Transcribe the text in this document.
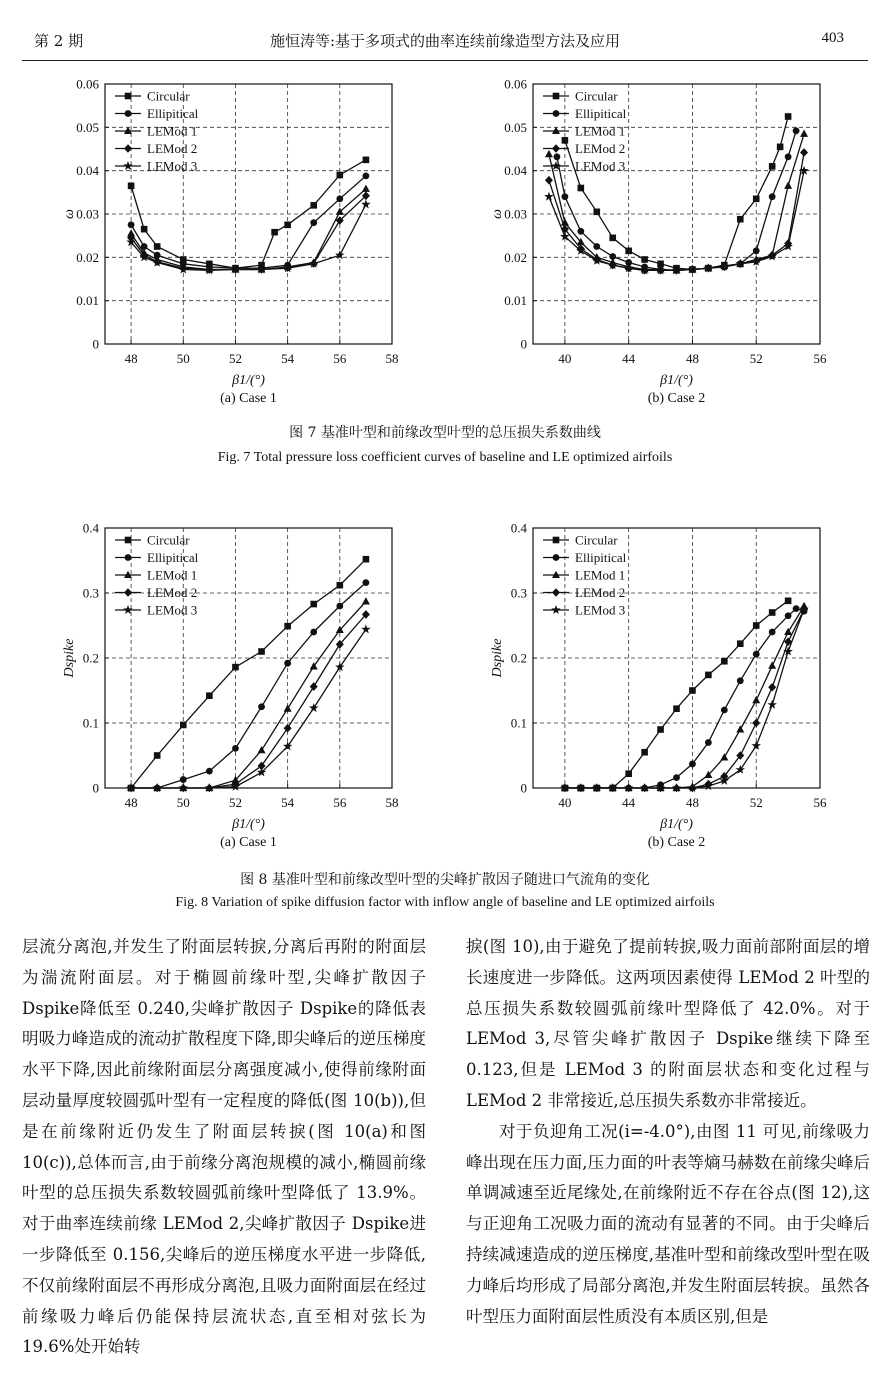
第 2 期	施恒涛等:基于多项式的曲率连续前缘造型方法及应用	403
48	50	52	54	56	58
0
0.01
0.02
0.03
0.04
0.05
0.06
β1/(°)
ω
(a) Case 1
Circular
Ellipitical
LEMod 1
LEMod 2
LEMod 3
40	44	48	52	56
0
0.01
0.02
0.03
0.04
0.05
0.06
β1/(°)
ω
(b) Case 2
Circular
Ellipitical
LEMod 1
LEMod 2
LEMod 3
图 7 基准叶型和前缘改型叶型的总压损失系数曲线
Fig. 7 Total pressure loss coefficient curves of baseline and LE optimized airfoils
48	50	52	54	56	58
0
0.1
0.2
0.3
0.4
β1/(°)
Dspike
(a) Case 1
Circular
Ellipitical
LEMod 1
LEMod 2
LEMod 3
40	44	48	52	56
0
0.1
0.2
0.3
0.4
β1/(°)
Dspike
(b) Case 2
Circular
Ellipitical
LEMod 1
LEMod 2
LEMod 3
图 8 基准叶型和前缘改型叶型的尖峰扩散因子随进口气流角的变化
Fig. 8 Variation of spike diffusion factor with inflow angle of baseline and LE optimized airfoils

层流分离泡,并发生了附面层转捩,分离后再附的附面层为湍流附面层。对于椭圆前缘叶型,尖峰扩散因子 Dspike降低至 0.240,尖峰扩散因子 Dspike的降低表明吸力峰造成的流动扩散程度下降,即尖峰后的逆压梯度水平下降,因此前缘附面层分离强度减小,使得前缘附面层动量厚度较圆弧叶型有一定程度的降低(图 10(b)),但是在前缘附近仍发生了附面层转捩(图 10(a)和图 10(c)),总体而言,由于前缘分离泡规模的减小,椭圆前缘叶型的总压损失系数较圆弧前缘叶型降低了 13.9%。对于曲率连续前缘 LEMod 2,尖峰扩散因子 Dspike进一步降低至 0.156,尖峰后的逆压梯度水平进一步降低,不仅前缘附面层不再形成分离泡,且吸力面附面层在经过前缘吸力峰后仍能保持层流状态,直至相对弦长为 19.6%处开始转

捩(图 10),由于避免了提前转捩,吸力面前部附面层的增长速度进一步降低。这两项因素使得 LEMod 2 叶型的总压损失系数较圆弧前缘叶型降低了 42.0%。对于 LEMod 3,尽管尖峰扩散因子 Dspike继续下降至 0.123,但是 LEMod 3 的附面层状态和变化过程与 LEMod 2 非常接近,总压损失系数亦非常接近。

对于负迎角工况(i=-4.0°),由图 11 可见,前缘吸力峰出现在压力面,压力面的叶表等熵马赫数在前缘尖峰后单调减速至近尾缘处,在前缘附近不存在谷点(图 12),这与正迎角工况吸力面的流动有显著的不同。由于尖峰后持续减速造成的逆压梯度,基准叶型和前缘改型叶型在吸力峰后均形成了局部分离泡,并发生附面层转捩。虽然各叶型压力面附面层性质没有本质区别,但是
